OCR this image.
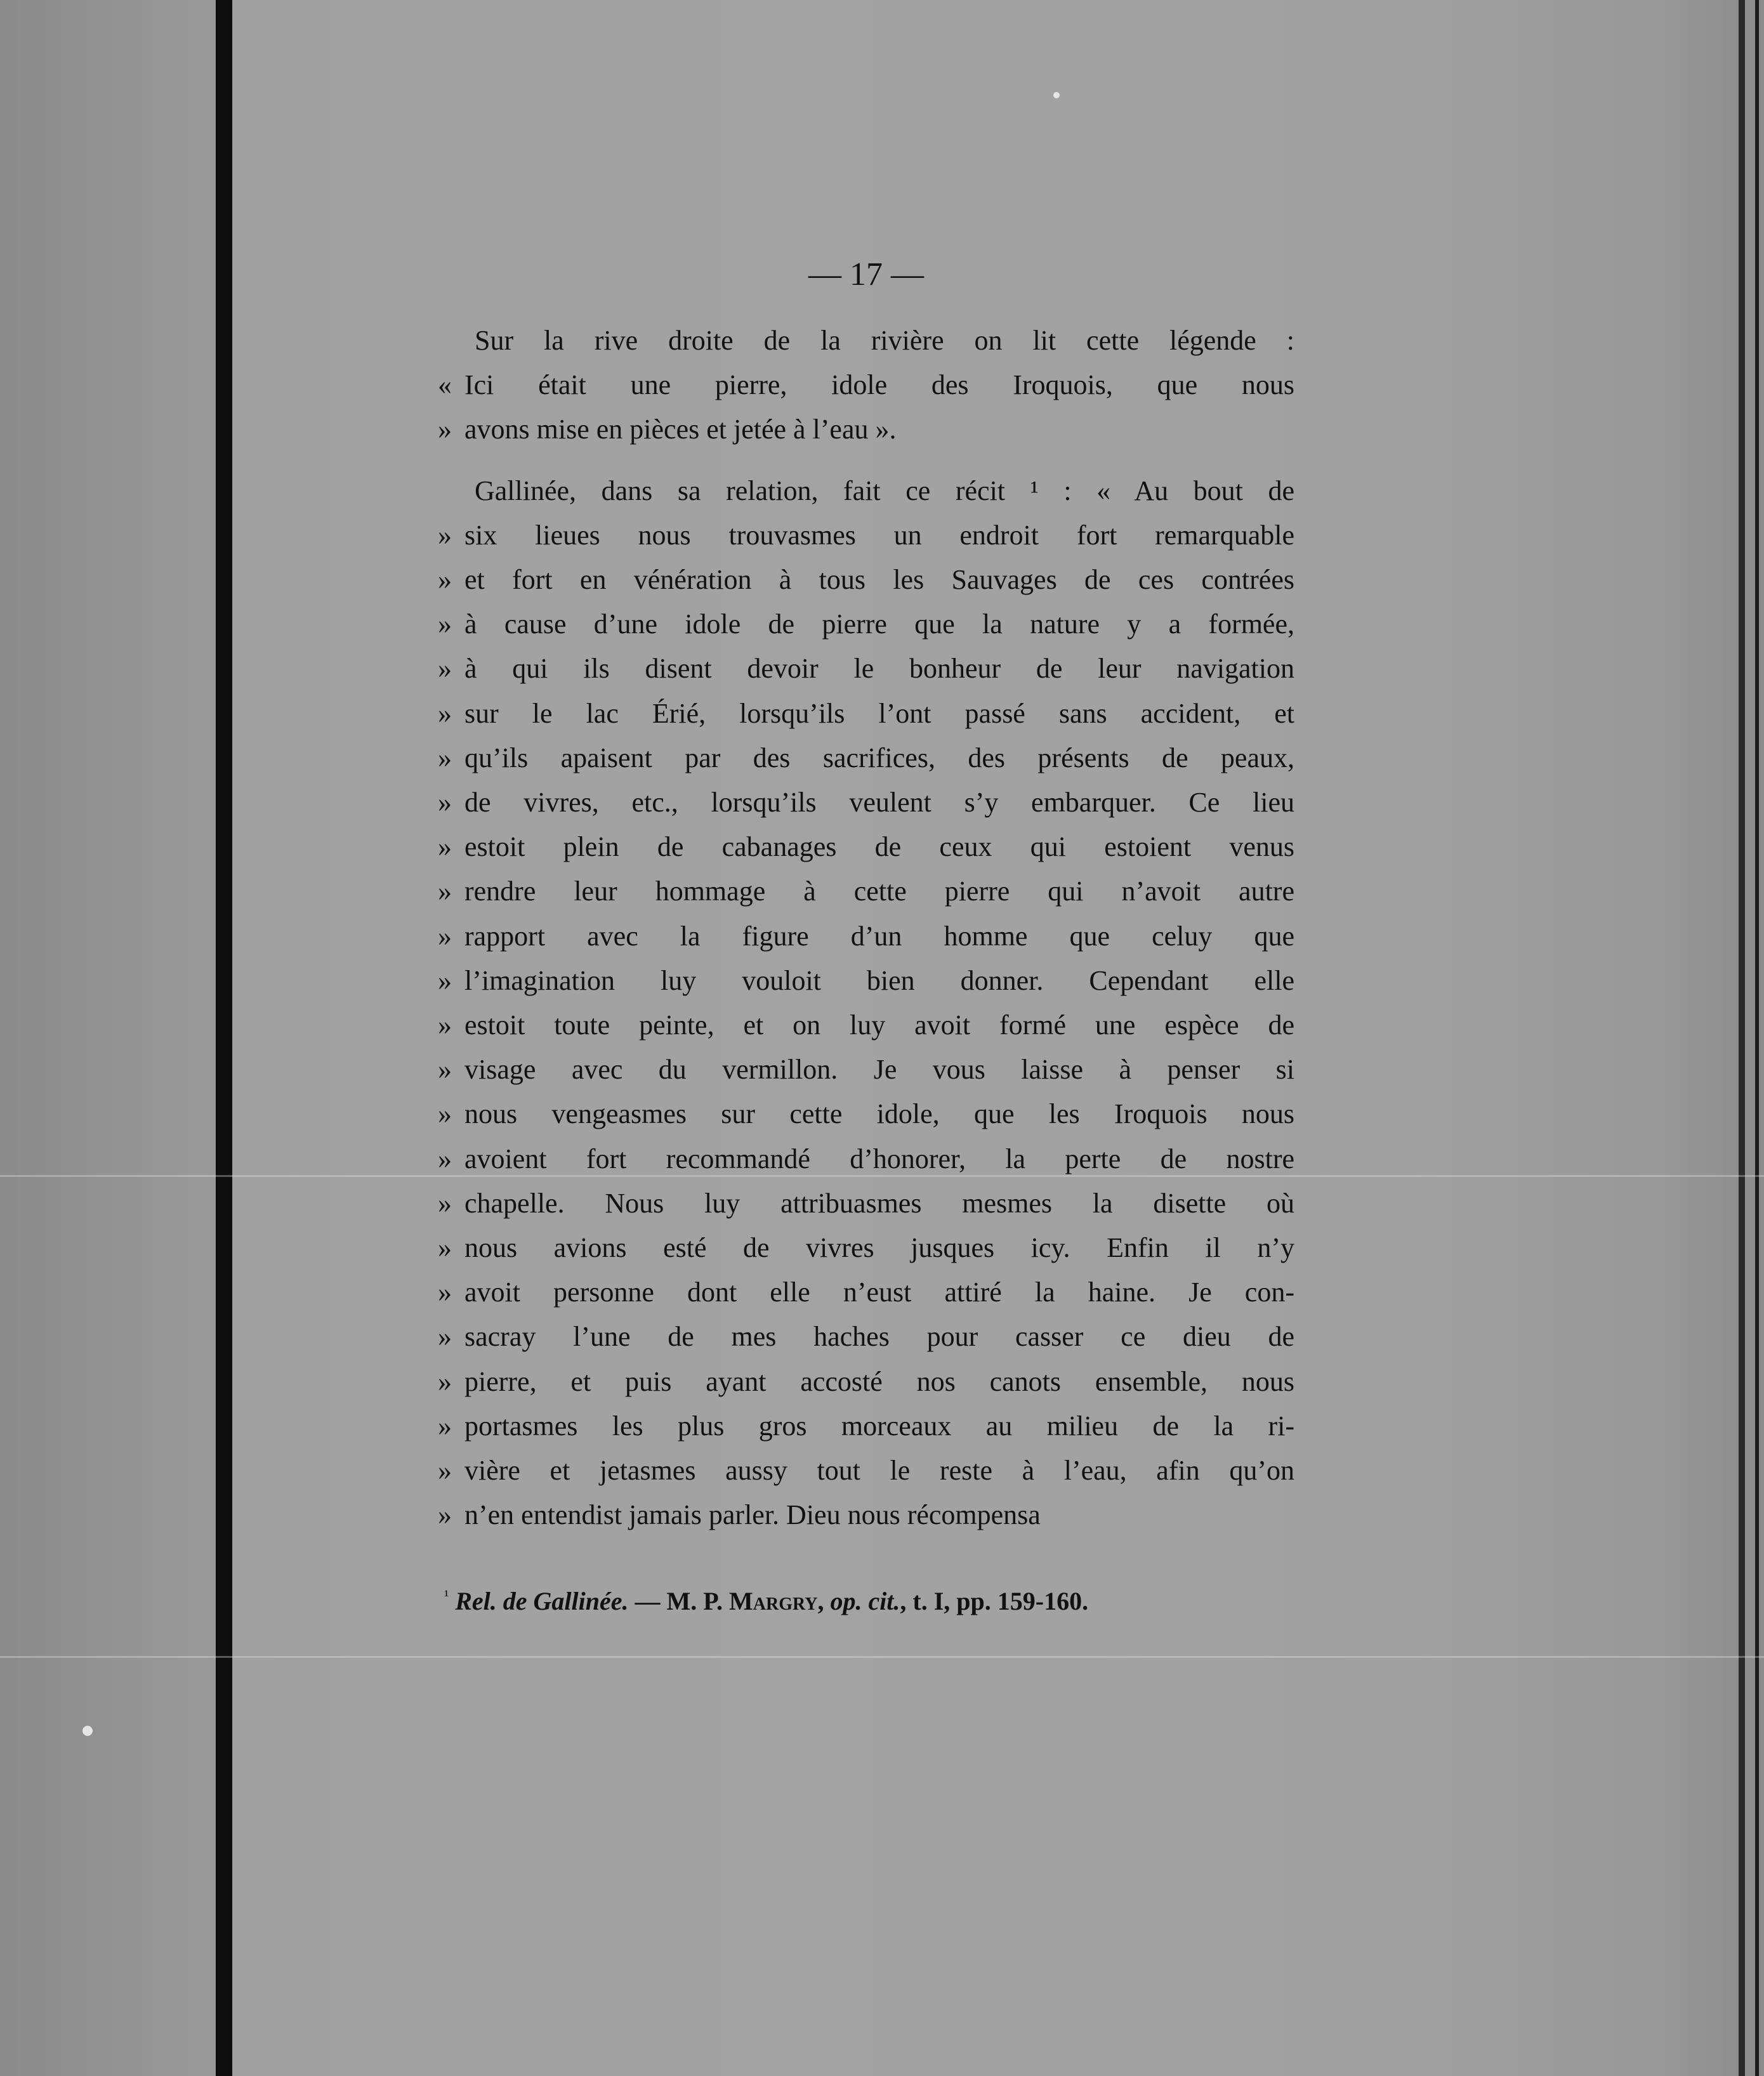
— 17 —
Sur la rive droite de la rivière on lit cette légende :
« Ici était une pierre, idole des Iroquois, que nous
» avons mise en pièces et jetée à l’eau ».
Gallinée, dans sa relation, fait ce récit ¹ : « Au bout de
» six lieues nous trouvasmes un endroit fort remarquable
» et fort en vénération à tous les Sauvages de ces contrées
» à cause d’une idole de pierre que la nature y a formée,
» à qui ils disent devoir le bonheur de leur navigation
» sur le lac Érié, lorsqu’ils l’ont passé sans accident, et
» qu’ils apaisent par des sacrifices, des présents de peaux,
» de vivres, etc., lorsqu’ils veulent s’y embarquer. Ce lieu
» estoit plein de cabanages de ceux qui estoient venus
» rendre leur hommage à cette pierre qui n’avoit autre
» rapport avec la figure d’un homme que celuy que
» l’imagination luy vouloit bien donner. Cependant elle
» estoit toute peinte, et on luy avoit formé une espèce de
» visage avec du vermillon. Je vous laisse à penser si
» nous vengeasmes sur cette idole, que les Iroquois nous
» avoient fort recommandé d’honorer, la perte de nostre
» chapelle. Nous luy attribuasmes mesmes la disette où
» nous avions esté de vivres jusques icy. Enfin il n’y
» avoit personne dont elle n’eust attiré la haine. Je con-
» sacray l’une de mes haches pour casser ce dieu de
» pierre, et puis ayant accosté nos canots ensemble, nous
» portasmes les plus gros morceaux au milieu de la ri-
» vière et jetasmes aussy tout le reste à l’eau, afin qu’on
» n’en entendist jamais parler. Dieu nous récompensa
$^{^1}$ Rel. de Gallinée. — M. P. Margry, op. cit., t. I, pp. 159-160.
